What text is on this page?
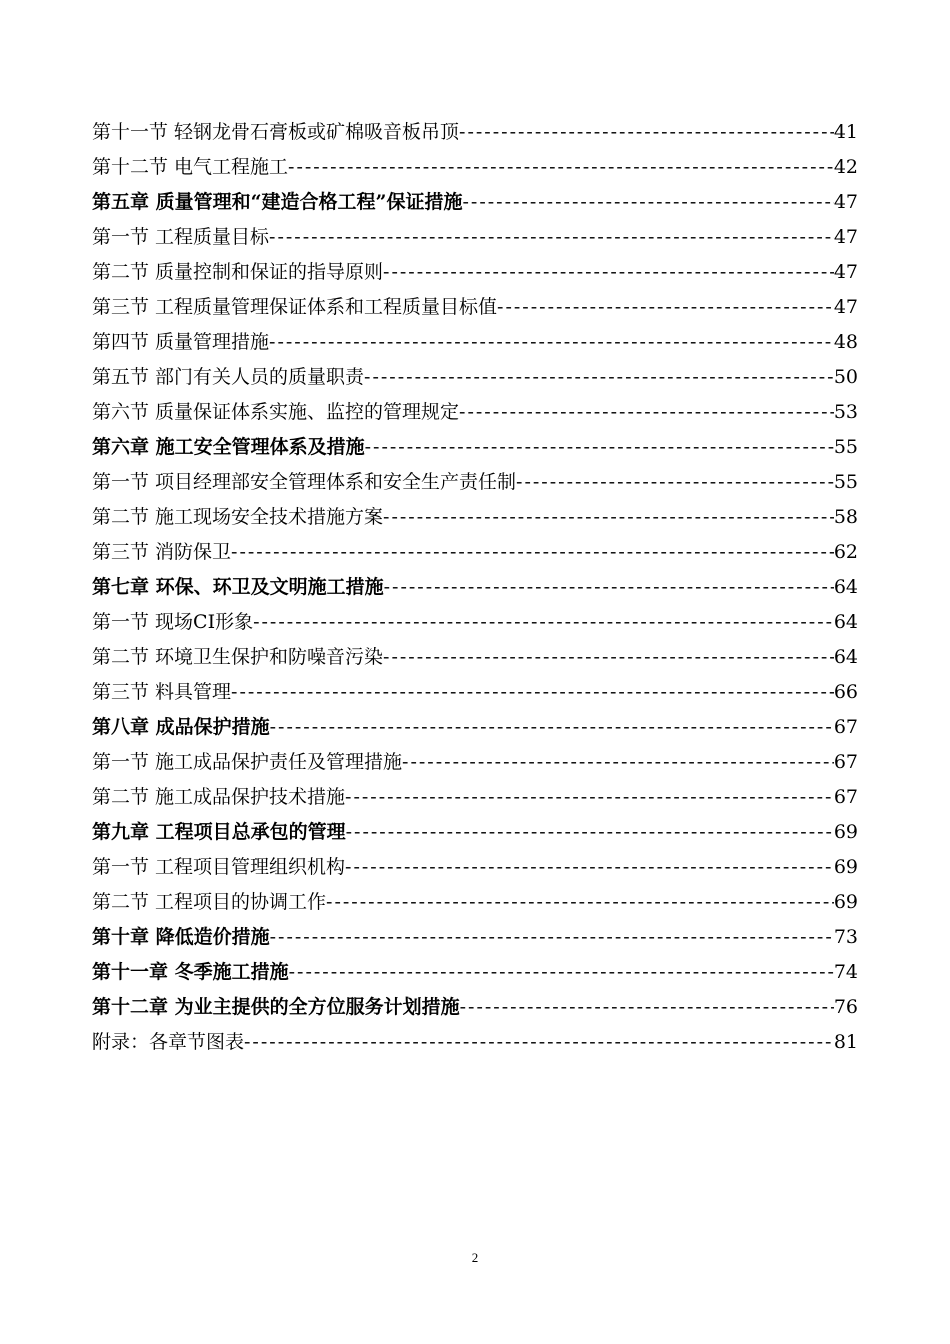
第十一节 轻钢龙骨石膏板或矿棉吸音板吊顶 -----	41
第十二节 电气工程施工 -----	42
第五章 质量管理和“建造合格工程”保证措施 -----	47
第一节 工程质量目标 -----	47
第二节 质量控制和保证的指导原则 -----	47
第三节 工程质量管理保证体系和工程质量目标值 -----	47
第四节 质量管理措施 -----	48
第五节 部门有关人员的质量职责 -----	50
第六节 质量保证体系实施、监控的管理规定 -----	53
第六章 施工安全管理体系及措施 -----	55
第一节 项目经理部安全管理体系和安全生产责任制 -----	55
第二节 施工现场安全技术措施方案 -----	58
第三节 消防保卫 -----	62
第七章 环保、环卫及文明施工措施 -----	64
第一节 现场CI形象 -----	64
第二节 环境卫生保护和防噪音污染 -----	64
第三节 料具管理 -----	66
第八章 成品保护措施 -----	67
第一节 施工成品保护责任及管理措施 -----	67
第二节 施工成品保护技术措施 -----	67
第九章 工程项目总承包的管理 -----	69
第一节 工程项目管理组织机构 -----	69
第二节 工程项目的协调工作 -----	69
第十章 降低造价措施 -----	73
第十一章 冬季施工措施 -----	74
第十二章 为业主提供的全方位服务计划措施 -----	76
附录：各章节图表 -----	81
2
